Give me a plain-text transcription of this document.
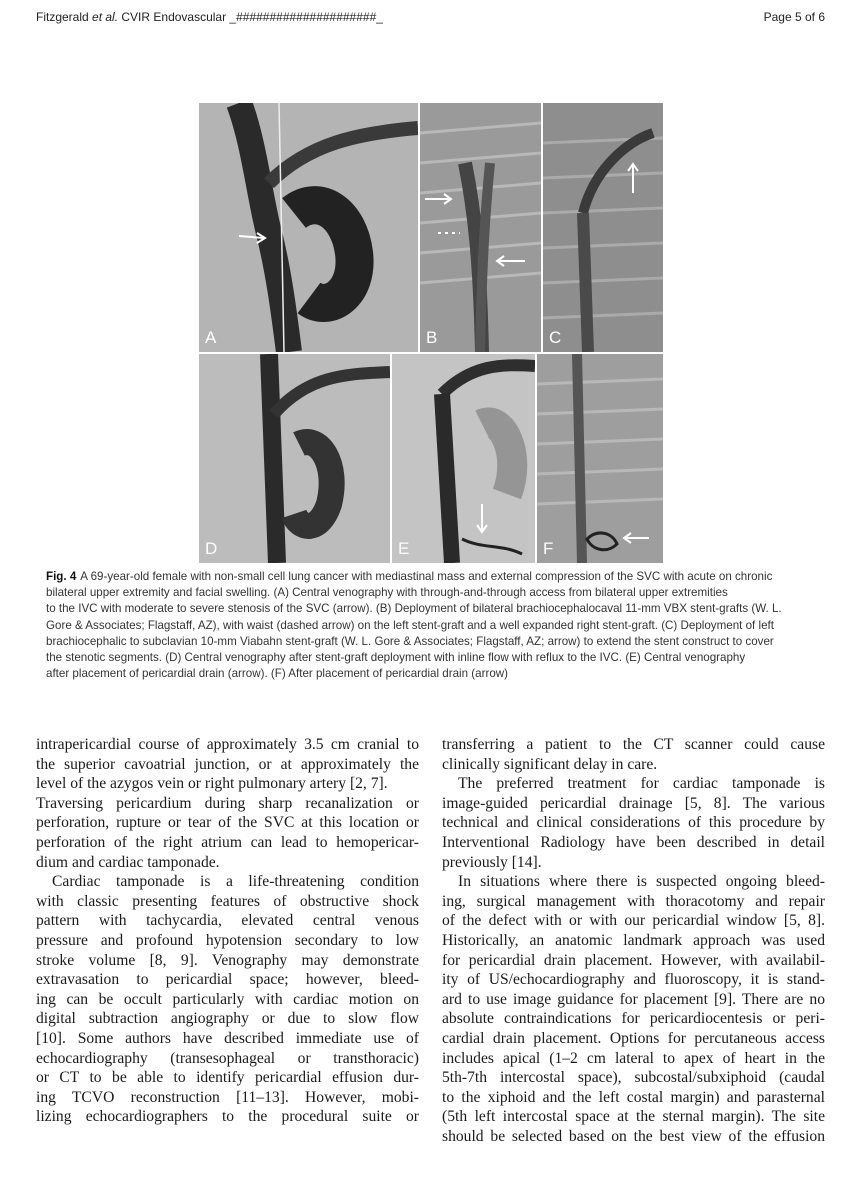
Fitzgerald et al. CVIR Endovascular _#####################_	Page 5 of 6
A	B	C
D	E	F
Fig. 4 A 69-year-old female with non-small cell lung cancer with mediastinal mass and external compression of the SVC with acute on chronic
bilateral upper extremity and facial swelling. (A) Central venography with through-and-through access from bilateral upper extremities
to the IVC with moderate to severe stenosis of the SVC (arrow). (B) Deployment of bilateral brachiocephalocaval 11-mm VBX stent-grafts (W. L.
Gore & Associates; Flagstaff, AZ), with waist (dashed arrow) on the left stent-graft and a well expanded right stent-graft. (C) Deployment of left
brachiocephalic to subclavian 10-mm Viabahn stent-graft (W. L. Gore & Associates; Flagstaff, AZ; arrow) to extend the stent construct to cover
the stenotic segments. (D) Central venography after stent-graft deployment with inline flow with reflux to the IVC. (E) Central venography
after placement of pericardial drain (arrow). (F) After placement of pericardial drain (arrow)
intrapericardial course of approximately 3.5 cm cranial to
the superior cavoatrial junction, or at approximately the
level of the azygos vein or right pulmonary artery [2, 7].
Traversing pericardium during sharp recanalization or
perforation, rupture or tear of the SVC at this location or
perforation of the right atrium can lead to hemopericar-
dium and cardiac tamponade.
Cardiac tamponade is a life-threatening condition
with classic presenting features of obstructive shock
pattern with tachycardia, elevated central venous
pressure and profound hypotension secondary to low
stroke volume [8, 9]. Venography may demonstrate
extravasation to pericardial space; however, bleed-
ing can be occult particularly with cardiac motion on
digital subtraction angiography or due to slow flow
[10]. Some authors have described immediate use of
echocardiography (transesophageal or transthoracic)
or CT to be able to identify pericardial effusion dur-
ing TCVO reconstruction [11–13]. However, mobi-
lizing echocardiographers to the procedural suite or
transferring a patient to the CT scanner could cause
clinically significant delay in care.
The preferred treatment for cardiac tamponade is
image-guided pericardial drainage [5, 8]. The various
technical and clinical considerations of this procedure by
Interventional Radiology have been described in detail
previously [14].
In situations where there is suspected ongoing bleed-
ing, surgical management with thoracotomy and repair
of the defect with or with our pericardial window [5, 8].
Historically, an anatomic landmark approach was used
for pericardial drain placement. However, with availabil-
ity of US/echocardiography and fluoroscopy, it is stand-
ard to use image guidance for placement [9]. There are no
absolute contraindications for pericardiocentesis or peri-
cardial drain placement. Options for percutaneous access
includes apical (1–2 cm lateral to apex of heart in the
5th-7th intercostal space), subcostal/subxiphoid (caudal
to the xiphoid and the left costal margin) and parasternal
(5th left intercostal space at the sternal margin). The site
should be selected based on the best view of the effusion
